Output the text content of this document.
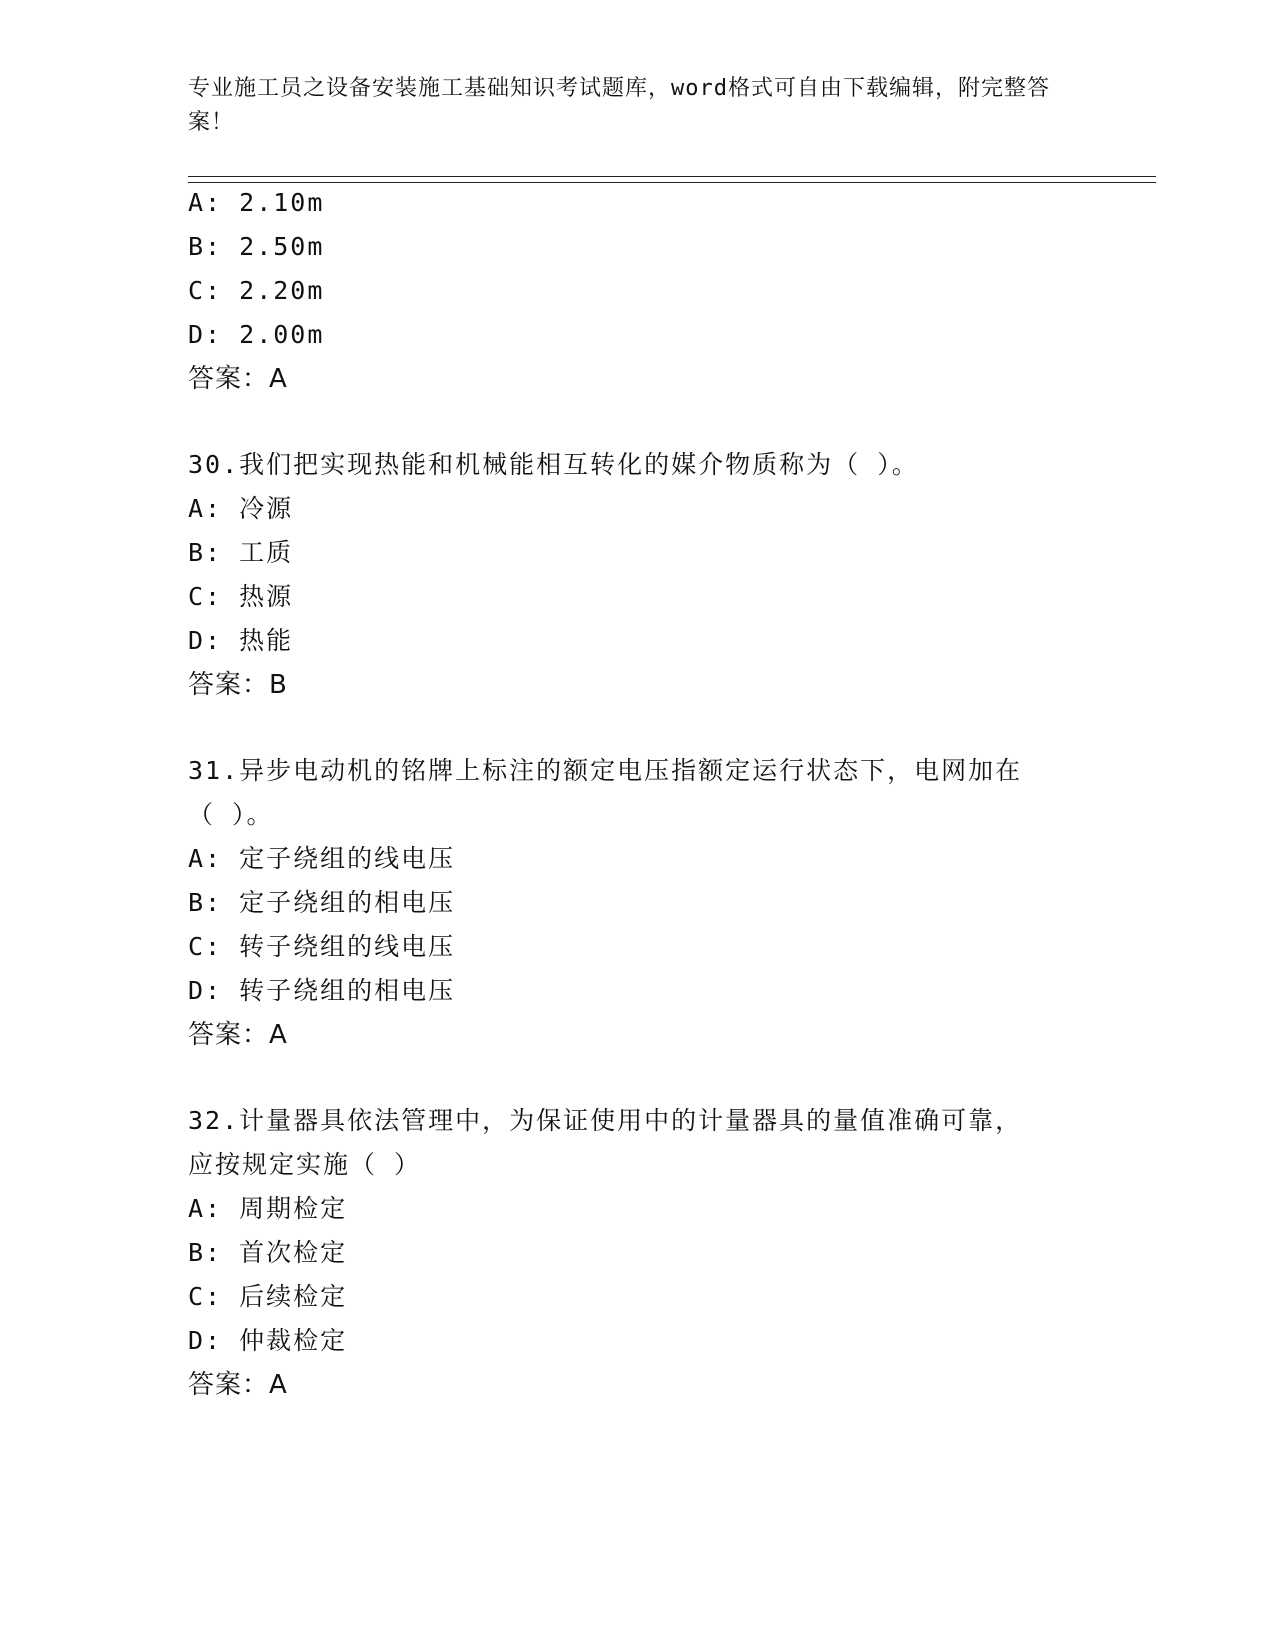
专业施工员之设备安装施工基础知识考试题库，word格式可自由下载编辑，附完整答案！
A: 2.10m
B: 2.50m
C: 2.20m
D: 2.00m
答案：A
30.我们把实现热能和机械能相互转化的媒介物质称为（ ）。
A: 冷源
B: 工质
C: 热源
D: 热能
答案：B
31.异步电动机的铭牌上标注的额定电压指额定运行状态下，电网加在
（ ）。
A: 定子绕组的线电压
B: 定子绕组的相电压
C: 转子绕组的线电压
D: 转子绕组的相电压
答案：A
32.计量器具依法管理中，为保证使用中的计量器具的量值准确可靠，
应按规定实施（ ）
A: 周期检定
B: 首次检定
C: 后续检定
D: 仲裁检定
答案：A
